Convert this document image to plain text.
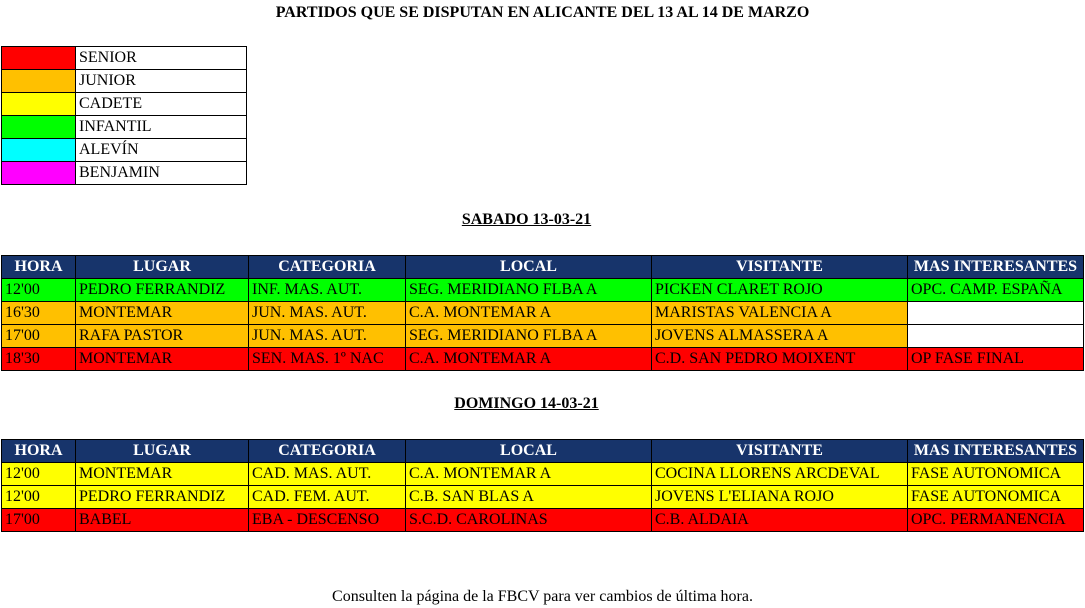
PARTIDOS QUE SE DISPUTAN EN ALICANTE DEL 13 AL 14 DE MARZO
	SENIOR
	JUNIOR
	CADETE
	INFANTIL
	ALEVÍN
	BENJAMIN
SABADO 13-03-21
HORA	LUGAR	CATEGORIA	LOCAL	VISITANTE	MAS INTERESANTES
12'00	PEDRO FERRANDIZ	INF. MAS. AUT.	SEG. MERIDIANO FLBA A	PICKEN CLARET ROJO	OPC. CAMP. ESPAÑA
16'30	MONTEMAR	JUN. MAS. AUT.	C.A. MONTEMAR A	MARISTAS VALENCIA A	
17'00	RAFA PASTOR	JUN. MAS. AUT.	SEG. MERIDIANO FLBA A	JOVENS ALMASSERA A	
18'30	MONTEMAR	SEN. MAS. 1º NAC	C.A. MONTEMAR A	C.D. SAN PEDRO MOIXENT	OP FASE FINAL
DOMINGO 14-03-21
HORA	LUGAR	CATEGORIA	LOCAL	VISITANTE	MAS INTERESANTES
12'00	MONTEMAR	CAD. MAS. AUT.	C.A. MONTEMAR A	COCINA LLORENS ARCDEVAL	FASE AUTONOMICA
12'00	PEDRO FERRANDIZ	CAD. FEM. AUT.	C.B. SAN BLAS A	JOVENS L'ELIANA ROJO	FASE AUTONOMICA
17'00	BABEL	EBA - DESCENSO	S.C.D. CAROLINAS	C.B. ALDAIA	OPC. PERMANENCIA
Consulten la página de la FBCV para ver cambios de última hora.
